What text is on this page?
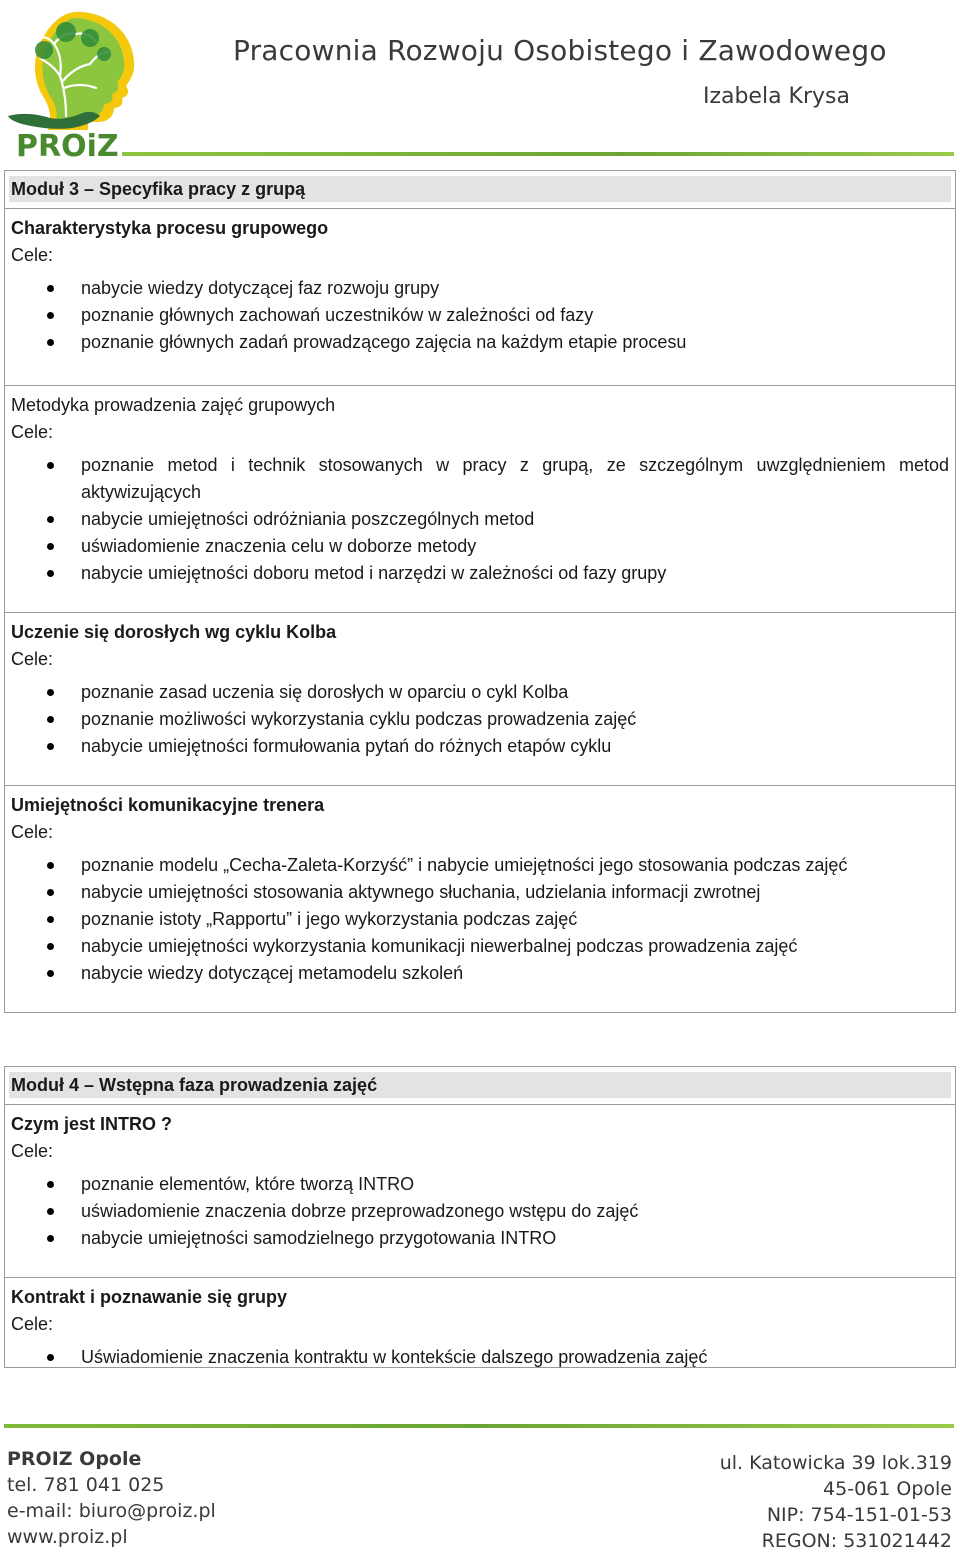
PROiZ
Pracownia Rozwoju Osobistego i Zawodowego
Izabela Krysa
Moduł 3 – Specyfika pracy z grupą
Charakterystyka procesu grupowego
Cele:
nabycie wiedzy dotyczącej faz rozwoju grupy
poznanie głównych zachowań uczestników w zależności od fazy
poznanie głównych zadań prowadzącego zajęcia na każdym etapie procesu
Metodyka prowadzenia zajęć grupowych
Cele:
poznanie metod i technik stosowanych w pracy z grupą, ze szczególnym uwzględnieniem metod aktywizujących
nabycie umiejętności odróżniania poszczególnych metod
uświadomienie znaczenia celu w doborze metody
nabycie umiejętności doboru metod i narzędzi w zależności od fazy grupy
Uczenie się dorosłych wg cyklu Kolba
Cele:
poznanie zasad uczenia się dorosłych w oparciu o cykl Kolba
poznanie możliwości wykorzystania cyklu podczas prowadzenia zajęć
nabycie umiejętności formułowania pytań do różnych etapów cyklu
Umiejętności komunikacyjne trenera
Cele:
poznanie modelu „Cecha-Zaleta-Korzyść” i nabycie umiejętności jego stosowania podczas zajęć
nabycie umiejętności stosowania aktywnego słuchania, udzielania informacji zwrotnej
poznanie istoty „Rapportu” i jego wykorzystania podczas zajęć
nabycie umiejętności wykorzystania komunikacji niewerbalnej podczas prowadzenia zajęć
nabycie wiedzy dotyczącej metamodelu szkoleń
Moduł 4 – Wstępna faza prowadzenia zajęć
Czym jest INTRO ?
Cele:
poznanie elementów, które tworzą INTRO
uświadomienie znaczenia dobrze przeprowadzonego wstępu do zajęć
nabycie umiejętności samodzielnego przygotowania INTRO
Kontrakt i poznawanie się grupy
Cele:
Uświadomienie znaczenia kontraktu w kontekście dalszego prowadzenia zajęć
PROIZ Opole
tel. 781 041 025
e-mail: biuro@proiz.pl
www.proiz.pl
ul. Katowicka 39 lok.319
45-061 Opole
NIP: 754-151-01-53
REGON: 531021442
